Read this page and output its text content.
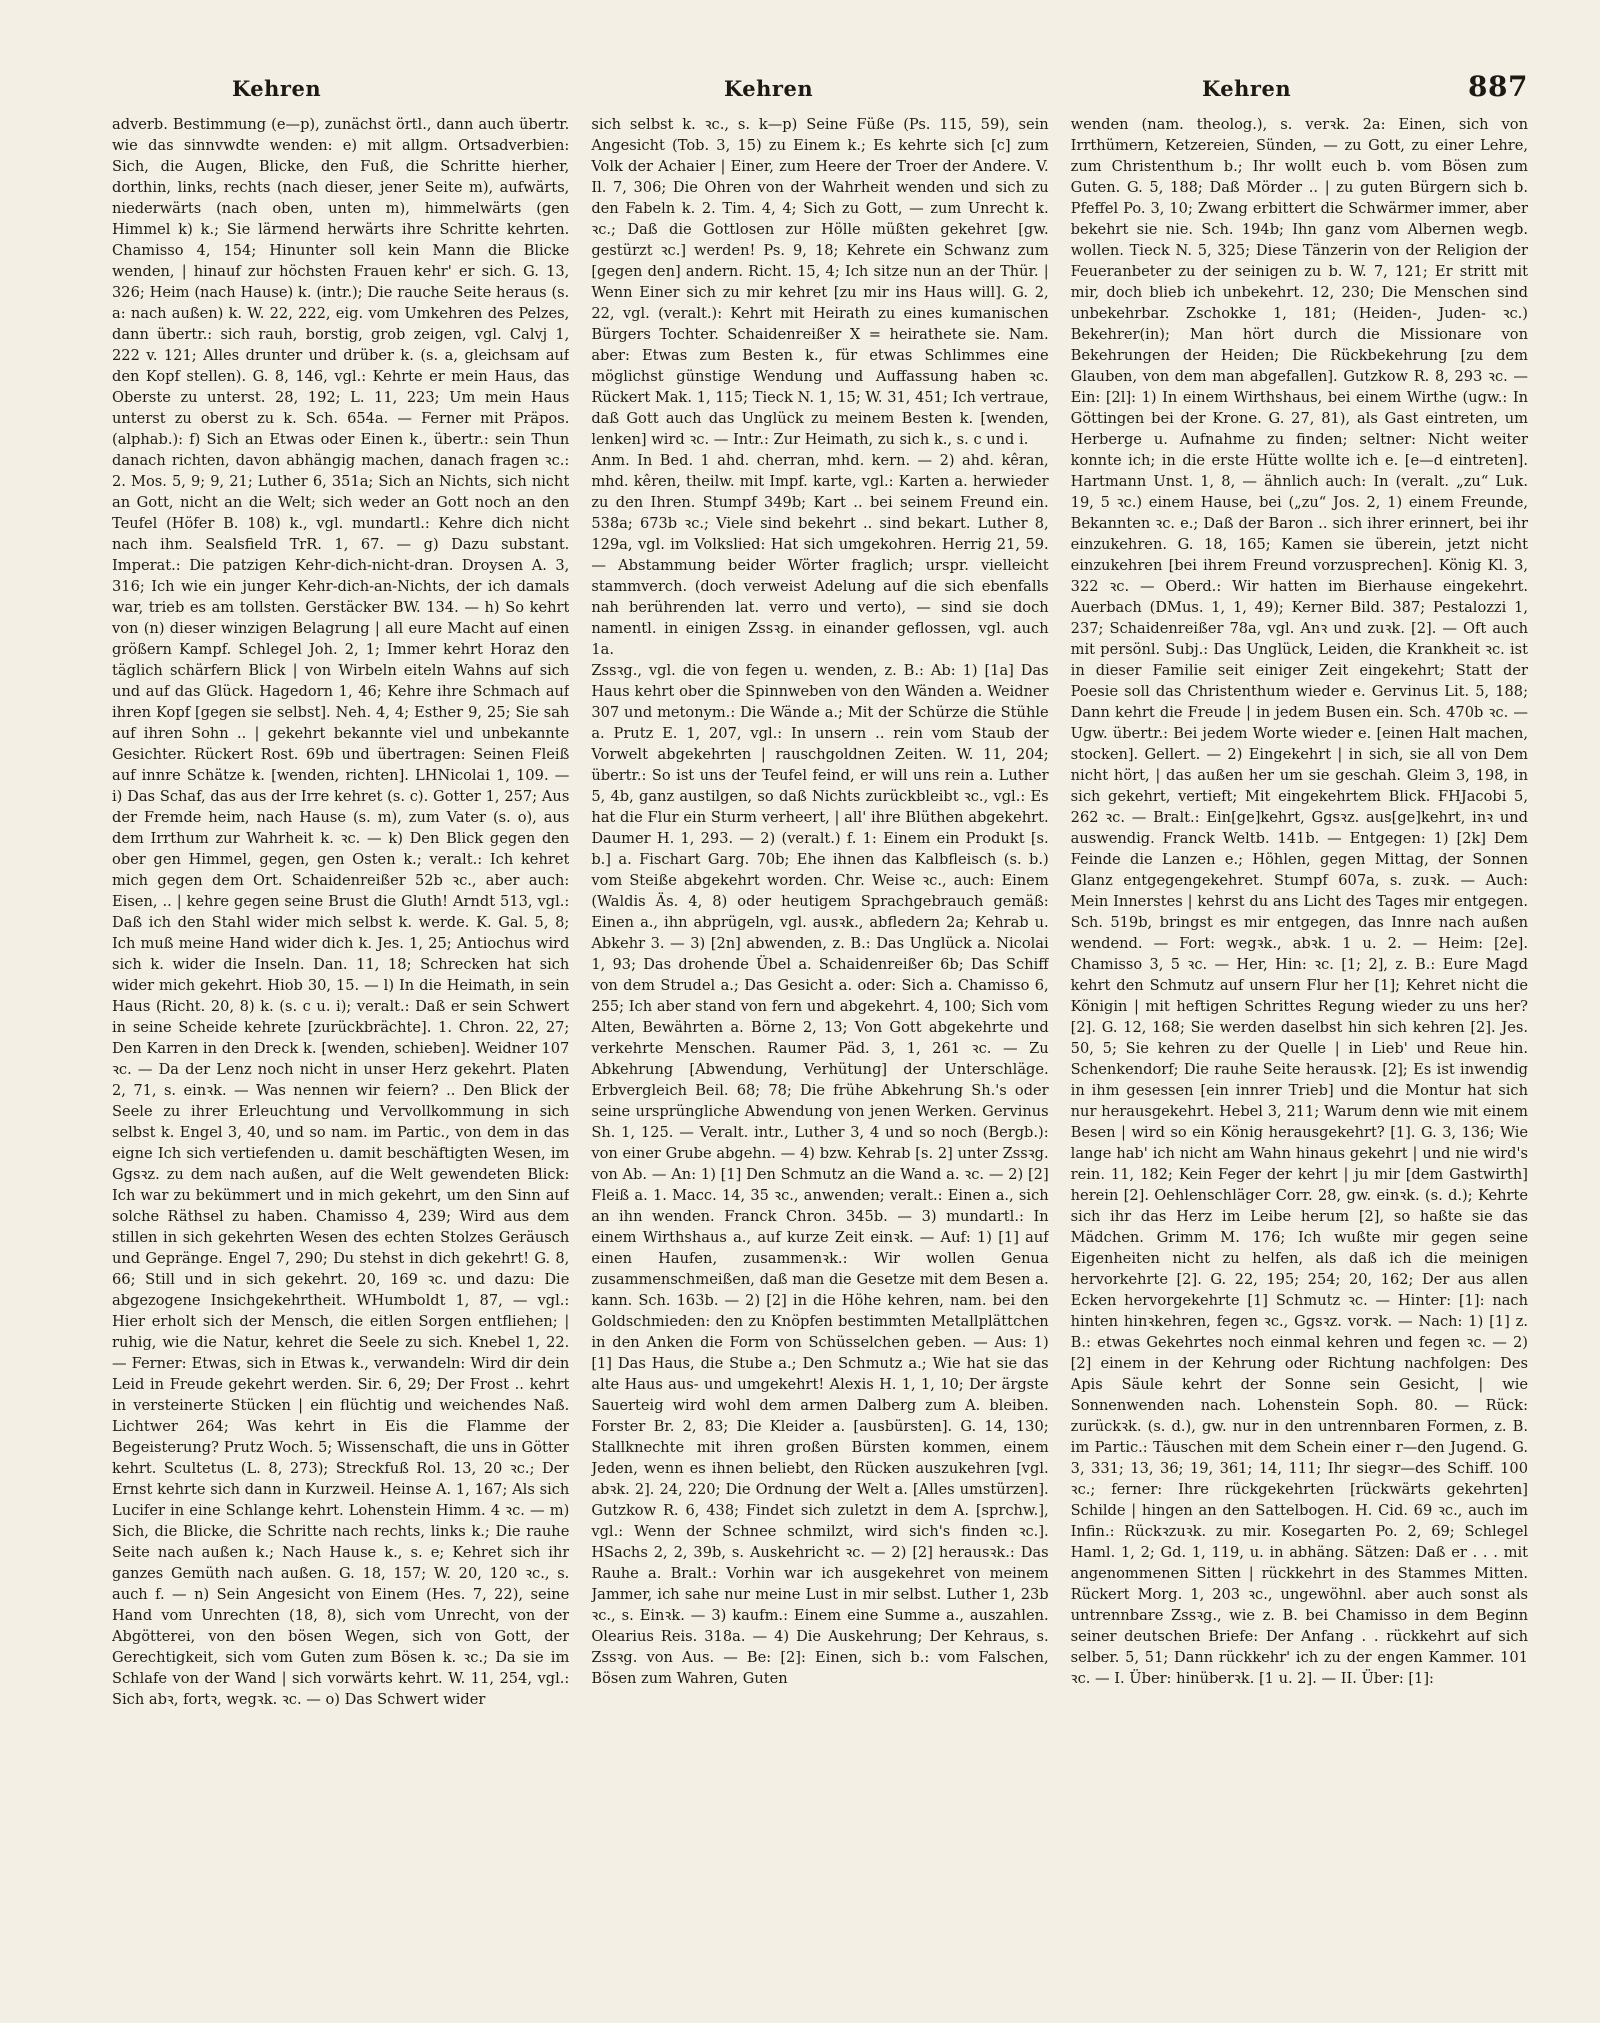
Kehren	Kehren	Kehren	887

adverb. Bestimmung (e—p), zunächst örtl., dann auch übertr. wie das sinnvwdte wenden: e) mit allgm. Ortsadverbien: Sich, die Augen, Blicke, den Fuß, die Schritte hierher, dorthin, links, rechts (nach dieser, jener Seite m), aufwärts, niederwärts (nach oben, unten m), himmelwärts (gen Himmel k) k.; Sie lärmend herwärts ihre Schritte kehrten. Chamisso 4, 154; Hinunter soll kein Mann die Blicke wenden, | hinauf zur höchsten Frauen kehr' er sich. G. 13, 326; Heim (nach Hause) k. (intr.); Die rauche Seite heraus (s. a: nach außen) k. W. 22, 222, eig. vom Umkehren des Pelzes, dann übertr.: sich rauh, borstig, grob zeigen, vgl. Calvj 1, 222 v. 121; Alles drunter und drüber k. (s. a, gleichsam auf den Kopf stellen). G. 8, 146, vgl.: Kehrte er mein Haus, das Oberste zu unterst. 28, 192; L. 11, 223; Um mein Haus unterst zu oberst zu k. Sch. 654a. — Ferner mit Präpos. (alphab.): f) Sich an Etwas oder Einen k., übertr.: sein Thun danach richten, davon abhängig machen, danach fragen ꝛc.: 2. Mos. 5, 9; 9, 21; Luther 6, 351a; Sich an Nichts, sich nicht an Gott, nicht an die Welt; sich weder an Gott noch an den Teufel (Höfer B. 108) k., vgl. mundartl.: Kehre dich nicht nach ihm. Sealsfield TrR. 1, 67. — g) Dazu substant. Imperat.: Die patzigen Kehr-dich-nicht-dran. Droysen A. 3, 316; Ich wie ein junger Kehr-dich-an-Nichts, der ich damals war, trieb es am tollsten. Gerstäcker BW. 134. — h) So kehrt von (n) dieser winzigen Belagrung | all eure Macht auf einen größern Kampf. Schlegel Joh. 2, 1; Immer kehrt Horaz den täglich schärfern Blick | von Wirbeln eiteln Wahns auf sich und auf das Glück. Hagedorn 1, 46; Kehre ihre Schmach auf ihren Kopf [gegen sie selbst]. Neh. 4, 4; Esther 9, 25; Sie sah auf ihren Sohn .. | gekehrt bekannte viel und unbekannte Gesichter. Rückert Rost. 69b und übertragen: Seinen Fleiß auf innre Schätze k. [wenden, richten]. LHNicolai 1, 109. — i) Das Schaf, das aus der Irre kehret (s. c). Gotter 1, 257; Aus der Fremde heim, nach Hause (s. m), zum Vater (s. o), aus dem Irrthum zur Wahrheit k. ꝛc. — k) Den Blick gegen den ober gen Himmel, gegen, gen Osten k.; veralt.: Ich kehret mich gegen dem Ort. Schaidenreißer 52b ꝛc., aber auch: Eisen, .. | kehre gegen seine Brust die Gluth! Arndt 513, vgl.: Daß ich den Stahl wider mich selbst k. werde. K. Gal. 5, 8; Ich muß meine Hand wider dich k. Jes. 1, 25; Antiochus wird sich k. wider die Inseln. Dan. 11, 18; Schrecken hat sich wider mich gekehrt. Hiob 30, 15. — l) In die Heimath, in sein Haus (Richt. 20, 8) k. (s. c u. i); veralt.: Daß er sein Schwert in seine Scheide kehrete [zurückbrächte]. 1. Chron. 22, 27; Den Karren in den Dreck k. [wenden, schieben]. Weidner 107 ꝛc. — Da der Lenz noch nicht in unser Herz gekehrt. Platen 2, 71, s. einꝛk. — Was nennen wir feiern? .. Den Blick der Seele zu ihrer Erleuchtung und Vervollkommung in sich selbst k. Engel 3, 40, und so nam. im Partic., von dem in das eigne Ich sich vertiefenden u. damit beschäftigten Wesen, im Ggsꝛz. zu dem nach außen, auf die Welt gewendeten Blick: Ich war zu bekümmert und in mich gekehrt, um den Sinn auf solche Räthsel zu haben. Chamisso 4, 239; Wird aus dem stillen in sich gekehrten Wesen des echten Stolzes Geräusch und Gepränge. Engel 7, 290; Du stehst in dich gekehrt! G. 8, 66; Still und in sich gekehrt. 20, 169 ꝛc. und dazu: Die abgezogene Insichgekehrtheit. WHumboldt 1, 87, — vgl.: Hier erholt sich der Mensch, die eitlen Sorgen entfliehen; | ruhig, wie die Natur, kehret die Seele zu sich. Knebel 1, 22. — Ferner: Etwas, sich in Etwas k., verwandeln: Wird dir dein Leid in Freude gekehrt werden. Sir. 6, 29; Der Frost .. kehrt in versteinerte Stücken | ein flüchtig und weichendes Naß. Lichtwer 264; Was kehrt in Eis die Flamme der Begeisterung? Prutz Woch. 5; Wissenschaft, die uns in Götter kehrt. Scultetus (L. 8, 273); Streckfuß Rol. 13, 20 ꝛc.; Der Ernst kehrte sich dann in Kurzweil. Heinse A. 1, 167; Als sich Lucifer in eine Schlange kehrt. Lohenstein Himm. 4 ꝛc. — m) Sich, die Blicke, die Schritte nach rechts, links k.; Die rauhe Seite nach außen k.; Nach Hause k., s. e; Kehret sich ihr ganzes Gemüth nach außen. G. 18, 157; W. 20, 120 ꝛc., s. auch f. — n) Sein Angesicht von Einem (Hes. 7, 22), seine Hand vom Unrechten (18, 8), sich vom Unrecht, von der Abgötterei, von den bösen Wegen, sich von Gott, der Gerechtigkeit, sich vom Guten zum Bösen k. ꝛc.; Da sie im Schlafe von der Wand | sich vorwärts kehrt. W. 11, 254, vgl.: Sich abꝛ, fortꝛ, wegꝛk. ꝛc. — o) Das Schwert wider

sich selbst k. ꝛc., s. k—p) Seine Füße (Ps. 115, 59), sein Angesicht (Tob. 3, 15) zu Einem k.; Es kehrte sich [c] zum Volk der Achaier | Einer, zum Heere der Troer der Andere. V. Il. 7, 306; Die Ohren von der Wahrheit wenden und sich zu den Fabeln k. 2. Tim. 4, 4; Sich zu Gott, — zum Unrecht k. ꝛc.; Daß die Gottlosen zur Hölle müßten gekehret [gw. gestürzt ꝛc.] werden! Ps. 9, 18; Kehrete ein Schwanz zum [gegen den] andern. Richt. 15, 4; Ich sitze nun an der Thür. | Wenn Einer sich zu mir kehret [zu mir ins Haus will]. G. 2, 22, vgl. (veralt.): Kehrt mit Heirath zu eines kumanischen Bürgers Tochter. Schaidenreißer X = heirathete sie. Nam. aber: Etwas zum Besten k., für etwas Schlimmes eine möglichst günstige Wendung und Auffassung haben ꝛc. Rückert Mak. 1, 115; Tieck N. 1, 15; W. 31, 451; Ich vertraue, daß Gott auch das Unglück zu meinem Besten k. [wenden, lenken] wird ꝛc. — Intr.: Zur Heimath, zu sich k., s. c und i.

Anm. In Bed. 1 ahd. cherran, mhd. kern. — 2) ahd. kêran, mhd. kêren, theilw. mit Impf. karte, vgl.: Karten a. herwieder zu den Ihren. Stumpf 349b; Kart .. bei seinem Freund ein. 538a; 673b ꝛc.; Viele sind bekehrt .. sind bekart. Luther 8, 129a, vgl. im Volkslied: Hat sich umgekohren. Herrig 21, 59. — Abstammung beider Wörter fraglich; urspr. vielleicht stammverch. (doch verweist Adelung auf die sich ebenfalls nah berührenden lat. verro und verto), — sind sie doch namentl. in einigen Zssꝛg. in einander geflossen, vgl. auch 1a.

Zssꝛg., vgl. die von fegen u. wenden, z. B.: Ab: 1) [1a] Das Haus kehrt ober die Spinnweben von den Wänden a. Weidner 307 und metonym.: Die Wände a.; Mit der Schürze die Stühle a. Prutz E. 1, 207, vgl.: In unsern .. rein vom Staub der Vorwelt abgekehrten | rauschgoldnen Zeiten. W. 11, 204; übertr.: So ist uns der Teufel feind, er will uns rein a. Luther 5, 4b, ganz austilgen, so daß Nichts zurückbleibt ꝛc., vgl.: Es hat die Flur ein Sturm verheert, | all' ihre Blüthen abgekehrt. Daumer H. 1, 293. — 2) (veralt.) f. 1: Einem ein Produkt [s. b.] a. Fischart Garg. 70b; Ehe ihnen das Kalbfleisch (s. b.) vom Steiße abgekehrt worden. Chr. Weise ꝛc., auch: Einem (Waldis Äs. 4, 8) oder heutigem Sprachgebrauch gemäß: Einen a., ihn abprügeln, vgl. ausꝛk., abfledern 2a; Kehrab u. Abkehr 3. — 3) [2n] abwenden, z. B.: Das Unglück a. Nicolai 1, 93; Das drohende Übel a. Schaidenreißer 6b; Das Schiff von dem Strudel a.; Das Gesicht a. oder: Sich a. Chamisso 6, 255; Ich aber stand von fern und abgekehrt. 4, 100; Sich vom Alten, Bewährten a. Börne 2, 13; Von Gott abgekehrte und verkehrte Menschen. Raumer Päd. 3, 1, 261 ꝛc. — Zu Abkehrung [Abwendung, Verhütung] der Unterschläge. Erbvergleich Beil. 68; 78; Die frühe Abkehrung Sh.'s oder seine ursprüngliche Abwendung von jenen Werken. Gervinus Sh. 1, 125. — Veralt. intr., Luther 3, 4 und so noch (Bergb.): von einer Grube abgehn. — 4) bzw. Kehrab [s. 2] unter Zssꝛg. von Ab. — An: 1) [1] Den Schmutz an die Wand a. ꝛc. — 2) [2] Fleiß a. 1. Macc. 14, 35 ꝛc., anwenden; veralt.: Einen a., sich an ihn wenden. Franck Chron. 345b. — 3) mundartl.: In einem Wirthshaus a., auf kurze Zeit einꝛk. — Auf: 1) [1] auf einen Haufen, zusammenꝛk.: Wir wollen Genua zusammenschmeißen, daß man die Gesetze mit dem Besen a. kann. Sch. 163b. — 2) [2] in die Höhe kehren, nam. bei den Goldschmieden: den zu Knöpfen bestimmten Metallplättchen in den Anken die Form von Schüsselchen geben. — Aus: 1) [1] Das Haus, die Stube a.; Den Schmutz a.; Wie hat sie das alte Haus aus- und umgekehrt! Alexis H. 1, 1, 10; Der ärgste Sauerteig wird wohl dem armen Dalberg zum A. bleiben. Forster Br. 2, 83; Die Kleider a. [ausbürsten]. G. 14, 130; Stallknechte mit ihren großen Bürsten kommen, einem Jeden, wenn es ihnen beliebt, den Rücken auszukehren [vgl. abꝛk. 2]. 24, 220; Die Ordnung der Welt a. [Alles umstürzen]. Gutzkow R. 6, 438; Findet sich zuletzt in dem A. [sprchw.], vgl.: Wenn der Schnee schmilzt, wird sich's finden ꝛc.]. HSachs 2, 2, 39b, s. Auskehricht ꝛc. — 2) [2] herausꝛk.: Das Rauhe a. Bralt.: Vorhin war ich ausgekehret von meinem Jammer, ich sahe nur meine Lust in mir selbst. Luther 1, 23b ꝛc., s. Einꝛk. — 3) kaufm.: Einem eine Summe a., auszahlen. Olearius Reis. 318a. — 4) Die Auskehrung; Der Kehraus, s. Zssꝛg. von Aus. — Be: [2]: Einen, sich b.: vom Falschen, Bösen zum Wahren, Guten

wenden (nam. theolog.), s. verꝛk. 2a: Einen, sich von Irrthümern, Ketzereien, Sünden, — zu Gott, zu einer Lehre, zum Christenthum b.; Ihr wollt euch b. vom Bösen zum Guten. G. 5, 188; Daß Mörder .. | zu guten Bürgern sich b. Pfeffel Po. 3, 10; Zwang erbittert die Schwärmer immer, aber bekehrt sie nie. Sch. 194b; Ihn ganz vom Albernen wegb. wollen. Tieck N. 5, 325; Diese Tänzerin von der Religion der Feueranbeter zu der seinigen zu b. W. 7, 121; Er stritt mit mir, doch blieb ich unbekehrt. 12, 230; Die Menschen sind unbekehrbar. Zschokke 1, 181; (Heiden-, Juden- ꝛc.) Bekehrer(in); Man hört durch die Missionare von Bekehrungen der Heiden; Die Rückbekehrung [zu dem Glauben, von dem man abgefallen]. Gutzkow R. 8, 293 ꝛc. — Ein: [2l]: 1) In einem Wirthshaus, bei einem Wirthe (ugw.: In Göttingen bei der Krone. G. 27, 81), als Gast eintreten, um Herberge u. Aufnahme zu finden; seltner: Nicht weiter konnte ich; in die erste Hütte wollte ich e. [e—d eintreten]. Hartmann Unst. 1, 8, — ähnlich auch: In (veralt. „zu“ Luk. 19, 5 ꝛc.) einem Hause, bei („zu“ Jos. 2, 1) einem Freunde, Bekannten ꝛc. e.; Daß der Baron .. sich ihrer erinnert, bei ihr einzukehren. G. 18, 165; Kamen sie überein, jetzt nicht einzukehren [bei ihrem Freund vorzusprechen]. König Kl. 3, 322 ꝛc. — Oberd.: Wir hatten im Bierhause eingekehrt. Auerbach (DMus. 1, 1, 49); Kerner Bild. 387; Pestalozzi 1, 237; Schaidenreißer 78a, vgl. Anꝛ und zuꝛk. [2]. — Oft auch mit persönl. Subj.: Das Unglück, Leiden, die Krankheit ꝛc. ist in dieser Familie seit einiger Zeit eingekehrt; Statt der Poesie soll das Christenthum wieder e. Gervinus Lit. 5, 188; Dann kehrt die Freude | in jedem Busen ein. Sch. 470b ꝛc. — Ugw. übertr.: Bei jedem Worte wieder e. [einen Halt machen, stocken]. Gellert. — 2) Eingekehrt | in sich, sie all von Dem nicht hört, | das außen her um sie geschah. Gleim 3, 198, in sich gekehrt, vertieft; Mit eingekehrtem Blick. FHJacobi 5, 262 ꝛc. — Bralt.: Ein[ge]kehrt, Ggsꝛz. aus[ge]kehrt, inꝛ und auswendig. Franck Weltb. 141b. — Entgegen: 1) [2k] Dem Feinde die Lanzen e.; Höhlen, gegen Mittag, der Sonnen Glanz entgegengekehret. Stumpf 607a, s. zuꝛk. — Auch: Mein Innerstes | kehrst du ans Licht des Tages mir entgegen. Sch. 519b, bringst es mir entgegen, das Innre nach außen wendend. — Fort: wegꝛk., abꝛk. 1 u. 2. — Heim: [2e]. Chamisso 3, 5 ꝛc. — Her, Hin: ꝛc. [1; 2], z. B.: Eure Magd kehrt den Schmutz auf unsern Flur her [1]; Kehret nicht die Königin | mit heftigen Schrittes Regung wieder zu uns her? [2]. G. 12, 168; Sie werden daselbst hin sich kehren [2]. Jes. 50, 5; Sie kehren zu der Quelle | in Lieb' und Reue hin. Schenkendorf; Die rauhe Seite herausꝛk. [2]; Es ist inwendig in ihm gesessen [ein innrer Trieb] und die Montur hat sich nur herausgekehrt. Hebel 3, 211; Warum denn wie mit einem Besen | wird so ein König herausgekehrt? [1]. G. 3, 136; Wie lange hab' ich nicht am Wahn hinaus gekehrt | und nie wird's rein. 11, 182; Kein Feger der kehrt | ju mir [dem Gastwirth] herein [2]. Oehlenschläger Corr. 28, gw. einꝛk. (s. d.); Kehrte sich ihr das Herz im Leibe herum [2], so haßte sie das Mädchen. Grimm M. 176; Ich wußte mir gegen seine Eigenheiten nicht zu helfen, als daß ich die meinigen hervorkehrte [2]. G. 22, 195; 254; 20, 162; Der aus allen Ecken hervorgekehrte [1] Schmutz ꝛc. — Hinter: [1]: nach hinten hinꝛkehren, fegen ꝛc., Ggsꝛz. vorꝛk. — Nach: 1) [1] z. B.: etwas Gekehrtes noch einmal kehren und fegen ꝛc. — 2) [2] einem in der Kehrung oder Richtung nachfolgen: Des Apis Säule kehrt der Sonne sein Gesicht, | wie Sonnenwenden nach. Lohenstein Soph. 80. — Rück: zurückꝛk. (s. d.), gw. nur in den untrennbaren Formen, z. B. im Partic.: Täuschen mit dem Schein einer r—den Jugend. G. 3, 331; 13, 36; 19, 361; 14, 111; Ihr siegꝛr—des Schiff. 100 ꝛc.; ferner: Ihre rückgekehrten [rückwärts gekehrten] Schilde | hingen an den Sattelbogen. H. Cid. 69 ꝛc., auch im Infin.: Rückꝛzuꝛk. zu mir. Kosegarten Po. 2, 69; Schlegel Haml. 1, 2; Gd. 1, 119, u. in abhäng. Sätzen: Daß er . . . mit angenommenen Sitten | rückkehrt in des Stammes Mitten. Rückert Morg. 1, 203 ꝛc., ungewöhnl. aber auch sonst als untrennbare Zssꝛg., wie z. B. bei Chamisso in dem Beginn seiner deutschen Briefe: Der Anfang . . rückkehrt auf sich selber. 5, 51; Dann rückkehr' ich zu der engen Kammer. 101 ꝛc. — I. Über: hinüberꝛk. [1 u. 2]. — II. Über: [1]:
